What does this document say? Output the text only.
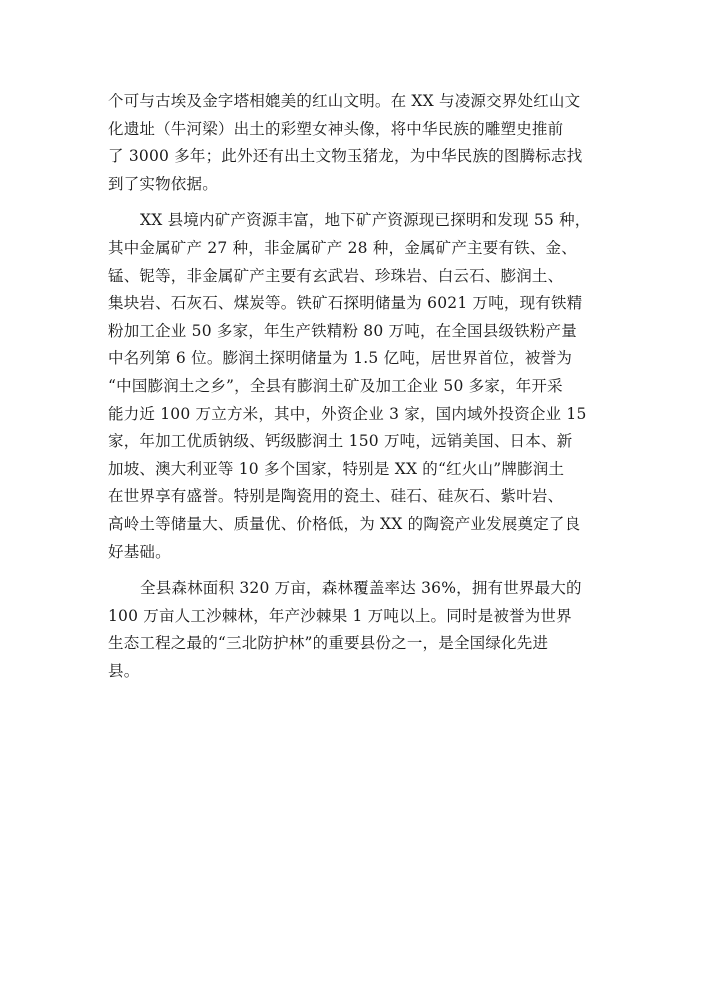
个可与古埃及金字塔相媲美的红山文明。在 XX 与凌源交界处红山文
化遗址（牛河梁）出土的彩塑女神头像，将中华民族的雕塑史推前
了 3000 多年；此外还有出土文物玉猪龙，为中华民族的图腾标志找
到了实物依据。

XX 县境内矿产资源丰富，地下矿产资源现已探明和发现 55 种，
其中金属矿产 27 种，非金属矿产 28 种，金属矿产主要有铁、金、
锰、铌等，非金属矿产主要有玄武岩、珍珠岩、白云石、膨润土、
集块岩、石灰石、煤炭等。铁矿石探明储量为 6021 万吨，现有铁精
粉加工企业 50 多家，年生产铁精粉 80 万吨，在全国县级铁粉产量
中名列第 6 位。膨润土探明储量为 1.5 亿吨，居世界首位，被誉为
“中国膨润土之乡”，全县有膨润土矿及加工企业 50 多家，年开采
能力近 100 万立方米，其中，外资企业 3 家，国内域外投资企业 15
家，年加工优质钠级、钙级膨润土 150 万吨，远销美国、日本、新
加坡、澳大利亚等 10 多个国家，特别是 XX 的“红火山”牌膨润土
在世界享有盛誉。特别是陶瓷用的瓷土、硅石、硅灰石、紫叶岩、
高岭土等储量大、质量优、价格低，为 XX 的陶瓷产业发展奠定了良
好基础。

全县森林面积 320 万亩，森林覆盖率达 36%，拥有世界最大的
100 万亩人工沙棘林，年产沙棘果 1 万吨以上。同时是被誉为世界
生态工程之最的“三北防护林”的重要县份之一，是全国绿化先进
县。
